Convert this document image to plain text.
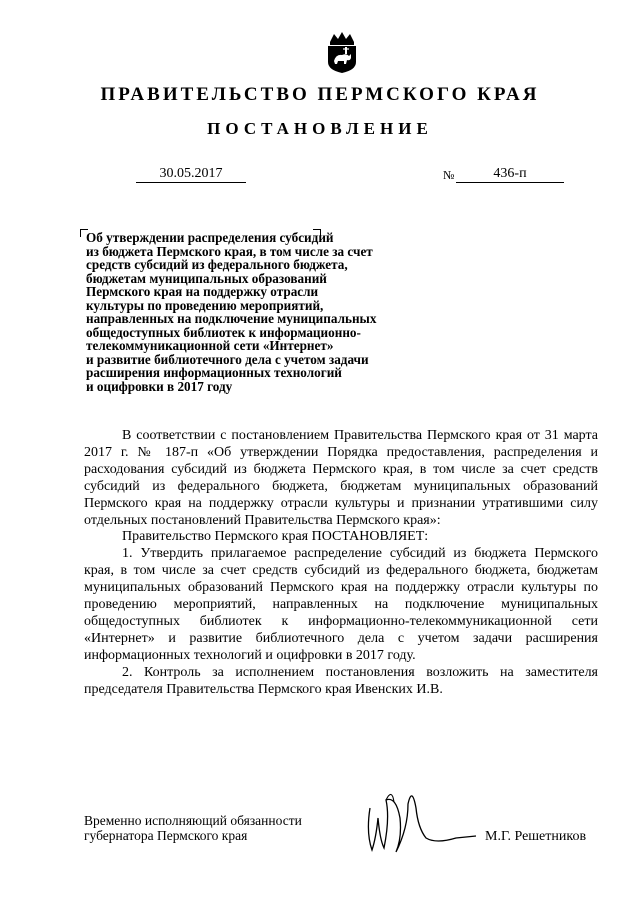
ПРАВИТЕЛЬСТВО ПЕРМСКОГО КРАЯ
ПОСТАНОВЛЕНИЕ
30.05.2017	№	436-п
Об утверждении распределения субсидий
из бюджета Пермского края, в том числе за счет
средств субсидий из федерального бюджета,
бюджетам муниципальных образований
Пермского края на поддержку отрасли
культуры по проведению мероприятий,
направленных на подключение муниципальных
общедоступных библиотек к информационно-
телекоммуникационной сети «Интернет»
и развитие библиотечного дела с учетом задачи
расширения информационных технологий
и оцифровки в 2017 году

В соответствии с постановлением Правительства Пермского края от 31 марта 2017 г. № 187-п «Об утверждении Порядка предоставления, распределения и расходования субсидий из бюджета Пермского края, в том числе за счет средств субсидий из федерального бюджета, бюджетам муниципальных образований Пермского края на поддержку отрасли культуры и признании утратившими силу отдельных постановлений Правительства Пермского края»:

Правительство Пермского края ПОСТАНОВЛЯЕТ:

1. Утвердить прилагаемое распределение субсидий из бюджета Пермского края, в том числе за счет средств субсидий из федерального бюджета, бюджетам муниципальных образований Пермского края на поддержку отрасли культуры по проведению мероприятий, направленных на подключение муниципальных общедоступных библиотек к информационно-телекоммуникационной сети «Интернет» и развитие библиотечного дела с учетом задачи расширения информационных технологий и оцифровки в 2017 году.

2. Контроль за исполнением постановления возложить на заместителя председателя Правительства Пермского края Ивенских И.В.

Временно исполняющий обязанности
губернатора Пермского края	М.Г. Решетников
